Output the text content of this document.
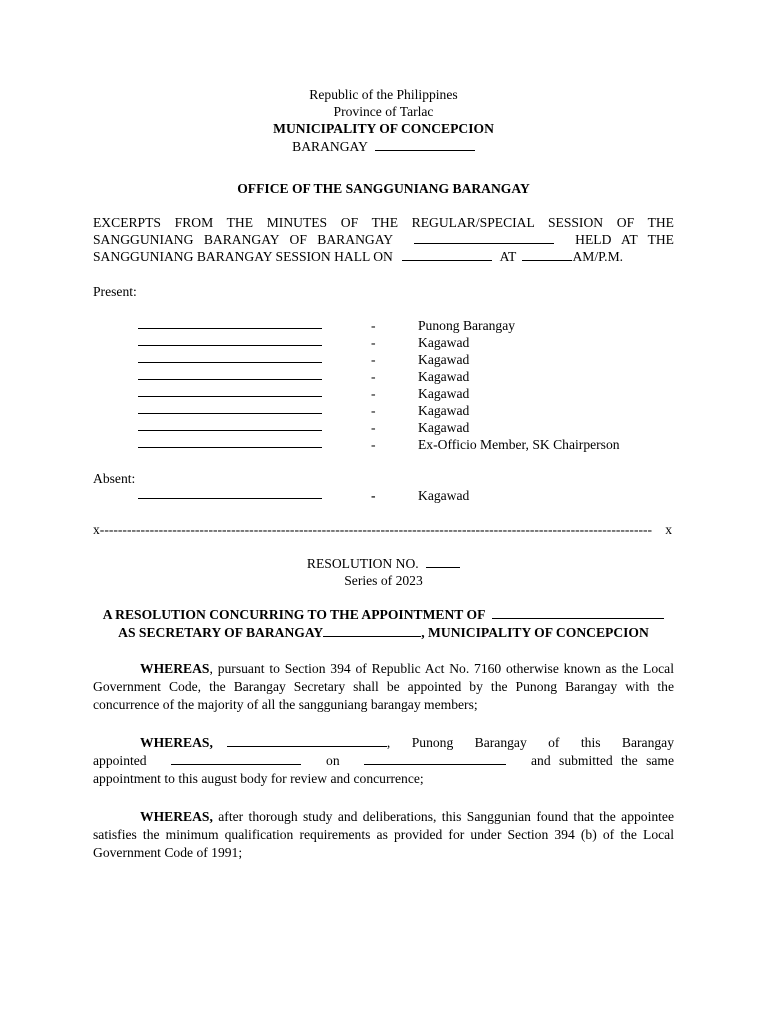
Republic of the Philippines
Province of Tarlac
MUNICIPALITY OF CONCEPCION
BARANGAY
OFFICE OF THE SANGGUNIANG BARANGAY
EXCERPTS FROM THE MINUTES OF THE REGULAR/SPECIAL SESSION OF THE
SANGGUNIANG BARANGAY OF BARANGAY	HELD AT THE
SANGGUNIANG BARANGAY SESSION HALL ON	AT	AM/P.M.
Present:
-	Punong Barangay
-	Kagawad
-	Kagawad
-	Kagawad
-	Kagawad
-	Kagawad
-	Kagawad
-	Ex-Officio Member, SK Chairperson
Absent:
-	Kagawad
x-------------------------------------------------------------------------------------------------------------------------- x
RESOLUTION NO.
Series of 2023
A RESOLUTION CONCURRING TO THE APPOINTMENT OF
AS SECRETARY OF BARANGAY	, MUNICIPALITY OF CONCEPCION
WHEREAS, pursuant to Section 394 of Republic Act No. 7160 otherwise known as the Local Government Code, the Barangay Secretary shall be appointed by the Punong Barangay with the concurrence of the majority of all the sangguniang barangay members;
WHEREAS,	, Punong Barangay of this Barangay
appointed	on	and submitted the same
appointment to this august body for review and concurrence;
WHEREAS, after thorough study and deliberations, this Sanggunian found that the appointee satisfies the minimum qualification requirements as provided for under Section 394 (b) of the Local Government Code of 1991;
